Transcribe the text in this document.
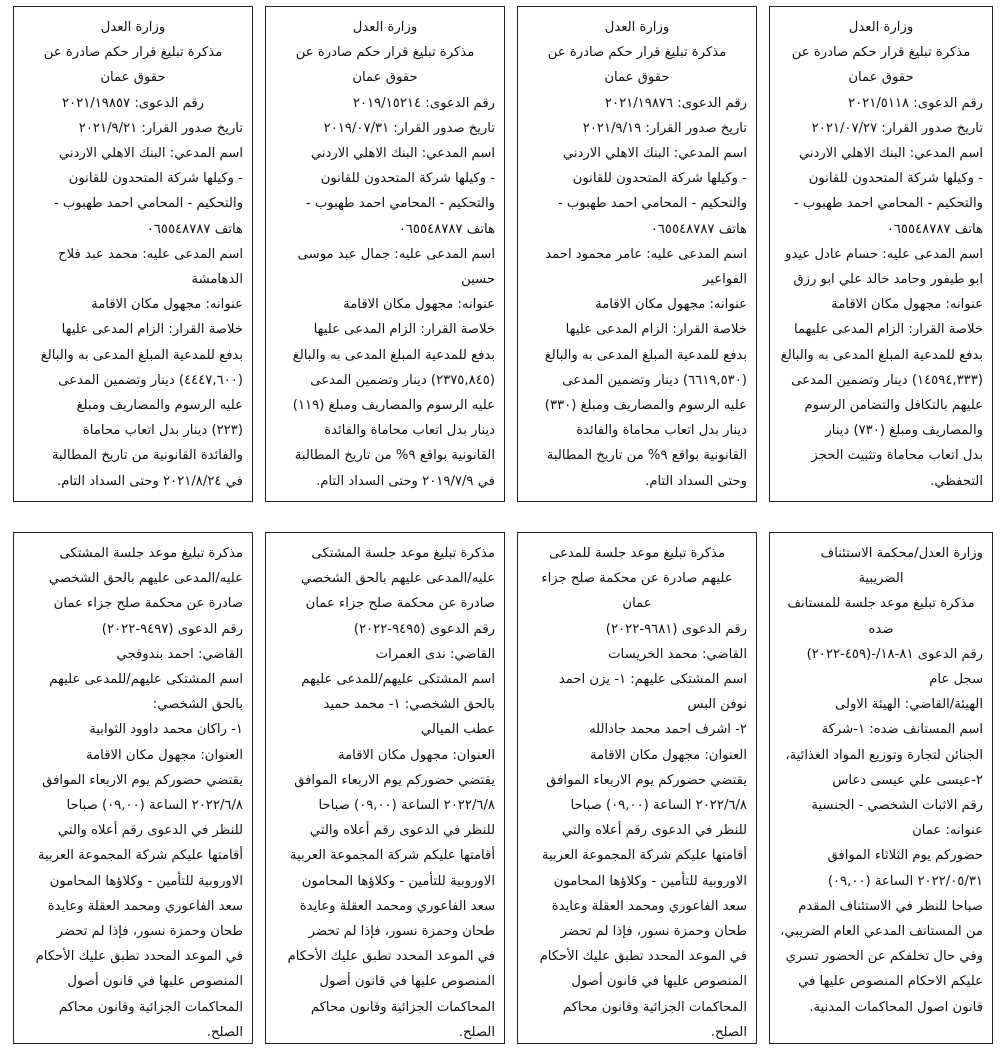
وزارة العدل

مذكرة تبليغ قرار حكم صادرة عن

حقوق عمان

رقم الدعوى: ٢٠٢١/٥١١٨

تاريخ صدور القرار: ٢٠٢١/٠٧/٢٧

اسم المدعي: البنك الاهلي الاردني

- وكيلها شركة المتحدون للقانون

والتحكيم - المحامي احمد طهبوب -

هاتف ٠٦٥٥٤٨٧٨٧

اسم المدعى عليه: حسام عادل عيدو

ابو طيفور وحامد خالد علي ابو رزق

عنوانه: مجهول مكان الاقامة

خلاصة القرار: الزام المدعى عليهما

بدفع للمدعية المبلغ المدعى به والبالغ

(١٤٥٩٤,٣٣٣) دينار وتضمين المدعى

عليهم بالتكافل والتضامن الرسوم

والمصاريف ومبلغ (٧٣٠) دينار

بدل اتعاب محاماة وتثبيت الحجز

التحفظي.

وزارة العدل

مذكرة تبليغ قرار حكم صادرة عن

حقوق عمان

رقم الدعوى: ٢٠٢١/١٩٨٧٦

تاريخ صدور القرار: ٢٠٢١/٩/١٩

اسم المدعي: البنك الاهلي الاردني

- وكيلها شركة المتحدون للقانون

والتحكيم - المحامي احمد طهبوب -

هاتف ٠٦٥٥٤٨٧٨٧

اسم المدعى عليه: عامر محمود احمد

الفواعير

عنوانه: مجهول مكان الاقامة

خلاصة القرار: الزام المدعى عليها

بدفع للمدعية المبلغ المدعى به والبالغ

(٦٦١٩,٥٣٠) دينار وتضمين المدعى

عليه الرسوم والمصاريف ومبلغ (٣٣٠)

دينار بدل اتعاب محاماة والفائدة

القانونية بواقع ٩% من تاريخ المطالبة

وحتى السداد التام.

وزارة العدل

مذكرة تبليغ قرار حكم صادرة عن

حقوق عمان

رقم الدعوى: ٢٠١٩/١٥٢١٤

تاريخ صدور القرار: ٢٠١٩/٠٧/٣١

اسم المدعي: البنك الاهلي الاردني

- وكيلها شركة المتحدون للقانون

والتحكيم - المحامي احمد طهبوب -

هاتف ٠٦٥٥٤٨٧٨٧

اسم المدعى عليه: جمال عبد موسى

حسين

عنوانه: مجهول مكان الاقامة

خلاصة القرار: الزام المدعى عليها

بدفع للمدعية المبلغ المدعى به والبالغ

(٢٣٧٥,٨٤٥) دينار وتضمين المدعى

عليه الرسوم والمصاريف ومبلغ (١١٩)

دينار بدل اتعاب محاماة والفائدة

القانونية بواقع ٩% من تاريخ المطالبة

في ٢٠١٩/٧/٩ وحتى السداد التام.

وزارة العدل

مذكرة تبليغ قرار حكم صادرة عن

حقوق عمان

رقم الدعوى: ٢٠٢١/١٩٨٥٧

تاريخ صدور القرار: ٢٠٢١/٩/٢١

اسم المدعي: البنك الاهلي الاردني

- وكيلها شركة المتحدون للقانون

والتحكيم - المحامي احمد طهبوب -

هاتف ٠٦٥٥٤٨٧٨٧

اسم المدعى عليه: محمد عبد فلاح

الدهامشة

عنوانه: مجهول مكان الاقامة

خلاصة القرار: الزام المدعى عليها

بدفع للمدعية المبلغ المدعى به والبالغ

(٤٤٤٧,٦٠٠) دينار وتضمين المدعى

عليه الرسوم والمصاريف ومبلغ

(٢٢٣) دينار بدل اتعاب محاماة

والفائدة القانونية من تاريخ المطالبة

في ٢٠٢١/٨/٢٤ وحتى السداد التام.

وزارة العدل/محكمة الاستئناف

الضريبية

مذكرة تبليغ موعد جلسة للمستانف

ضده

رقم الدعوى ٨١-١٨/-(٤٥٩-٢٠٢٢)

سجل عام

الهيئة/القاضي: الهيئة الاولى

اسم المستانف ضده: ١-شركة

الجنائن لتجارة وتوزيع المواد الغذائية،

٢-عيسى علي عيسى دعاس

رقم الاثبات الشخصي - الجنسية

عنوانه: عمان

حضوركم يوم الثلاثاء الموافق

٢٠٢٢/٠٥/٣١ الساعة (٠٩,٠٠)

صباحا للنظر في الاستئناف المقدم

من المستانف المدعي العام الضريبي،

وفي حال تخلفكم عن الحضور تسري

عليكم الاحكام المنصوص عليها في

قانون اصول المحاكمات المدنية.

مذكرة تبليغ موعد جلسة للمدعى

عليهم صادرة عن محكمة صلح جزاء

عمان

رقم الدعوى (٩٦٨١-٢٠٢٢)

القاضي: محمد الخريسات

اسم المشتكى عليهم: ١- يزن احمد

نوفن البس

٢- اشرف احمد محمد جادالله

العنوان: مجهول مكان الاقامة

يقتضي حضوركم يوم الاربعاء الموافق

٢٠٢٢/٦/٨ الساعة (٠٩,٠٠) صباحا

للنظر في الدعوى رقم أعلاه والتي

أقامتها عليكم شركة المجموعة العربية

الاوروبية للتأمين - وكلاؤها المحامون

سعد الفاعوري ومحمد العقلة وعايدة

طحان وحمزة نسور، فإذا لم تحضر

في الموعد المحدد تطبق عليك الأحكام

المنصوص عليها في قانون أصول

المحاكمات الجزائية وقانون محاكم

الصلح.

مذكرة تبليغ موعد جلسة المشتكى

عليه/المدعى عليهم بالحق الشخصي

صادرة عن محكمة صلح جزاء عمان

رقم الدعوى (٩٤٩٥-٢٠٢٢)

القاضي: ندى العمرات

اسم المشتكى عليهم/للمدعى عليهم

بالحق الشخصي: ١- محمد حميد

عطب الميالي

العنوان: مجهول مكان الاقامة

يقتضي حضوركم يوم الاربعاء الموافق

٢٠٢٢/٦/٨ الساعة (٠٩,٠٠) صباحا

للنظر في الدعوى رقم أعلاه والتي

أقامتها عليكم شركة المجموعة العربية

الاوروبية للتأمين - وكلاؤها المحامون

سعد الفاعوري ومحمد العقلة وعايدة

طحان وحمزة نسور، فإذا لم تحضر

في الموعد المحدد تطبق عليك الأحكام

المنصوص عليها في قانون أصول

المحاكمات الجزائية وقانون محاكم

الصلح.

مذكرة تبليغ موعد جلسة المشتكى

عليه/المدعى عليهم بالحق الشخصي

صادرة عن محكمة صلح جزاء عمان

رقم الدعوى (٩٤٩٧-٢٠٢٢)

القاضي: احمد بندوقجي

اسم المشتكى عليهم/للمدعى عليهم

بالحق الشخصي:

١- راكان محمد داوود الثوابية

العنوان: مجهول مكان الاقامة

يقتضي حضوركم يوم الاربعاء الموافق

٢٠٢٢/٦/٨ الساعة (٠٩,٠٠) صباحا

للنظر في الدعوى رقم أعلاه والتي

أقامتها عليكم شركة المجموعة العربية

الاوروبية للتأمين - وكلاؤها المحامون

سعد الفاعوري ومحمد العقلة وعايدة

طحان وحمزة نسور، فإذا لم تحضر

في الموعد المحدد تطبق عليك الأحكام

المنصوص عليها في قانون أصول

المحاكمات الجزائية وقانون محاكم

الصلح.
